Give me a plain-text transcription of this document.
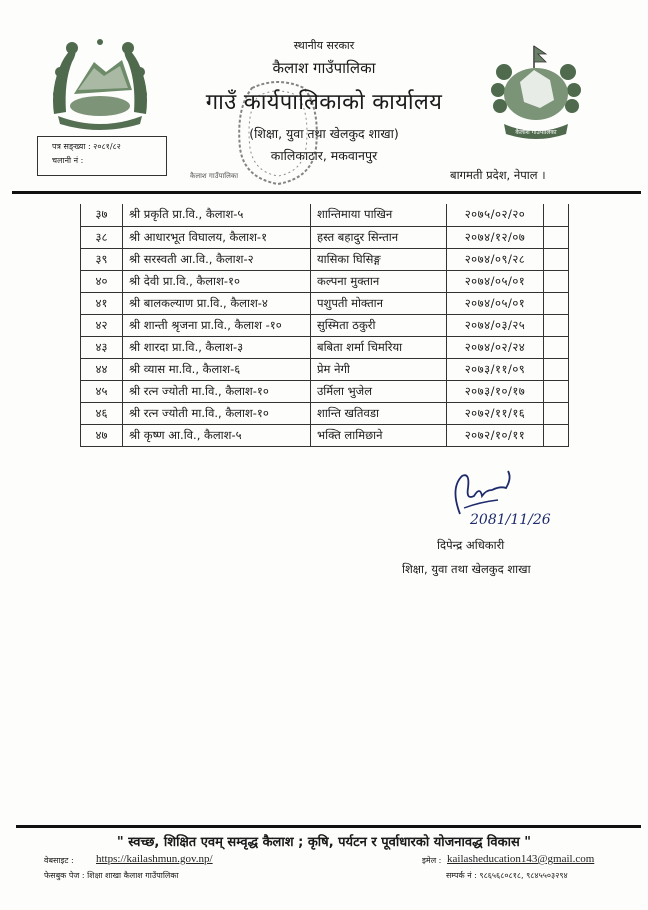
कैलाश गाउँपालिका
स्थानीय सरकार
कैलाश गाउँपालिका
गाउँ कार्यपालिकाको कार्यालय
(शिक्षा, युवा तथा खेलकुद शाखा)
कालिकाटार, मकवानपुर
कैलाश गाउँपालिका
पत्र सङ्ख्या : २०८१/८२
चलानी नं :
बागमती प्रदेश, नेपाल ।
३७	श्री प्रकृति प्रा.वि., कैलाश-५	शान्तिमाया पाखिन	२०७५/०२/२०	
३८	श्री आधारभूत विघालय, कैलाश-१	हस्त बहादुर सिन्तान	२०७४/१२/०७	
३९	श्री सरस्वती आ.वि., कैलाश-२	यासिका घिसिङ्ग	२०७४/०९/२८	
४०	श्री देवी प्रा.वि., कैलाश-१०	कल्पना मुक्तान	२०७४/०५/०१	
४१	श्री बालकल्याण प्रा.वि., कैलाश-४	पशुपती मोक्तान	२०७४/०५/०१	
४२	श्री शान्ती श्रृजना प्रा.वि., कैलाश -१०	सुस्मिता ठकुरी	२०७४/०३/२५	
४३	श्री शारदा प्रा.वि., कैलाश-३	बबिता शर्मा चिमरिया	२०७४/०२/२४	
४४	श्री व्यास मा.वि., कैलाश-६	प्रेम नेगी	२०७३/११/०९	
४५	श्री रत्न ज्योती मा.वि., कैलाश-१०	उर्मिला भुजेल	२०७३/१०/१७	
४६	श्री रत्न ज्योती मा.वि., कैलाश-१०	शान्ति खतिवडा	२०७२/११/१६	
४७	श्री कृष्ण आ.वि., कैलाश-५	भक्ति लामिछाने	२०७२/१०/११	
2081/11/26
दिपेन्द्र अधिकारी
शिक्षा, युवा तथा खेलकुद शाखा
" स्वच्छ, शिक्षित एवम् सम्वृद्ध कैलाश ; कृषि, पर्यटन र पूर्वाधारको योजनावद्ध विकास "
वेबसाइट : https://kailashmun.gov.np/
फेसबुक पेज : शिक्षा शाखा कैलाश गाउँपालिका
इमेल : kailasheducation143@gmail.com
सम्पर्क नं : ९८६५६८०८१८, ९८४५५०३२९४
